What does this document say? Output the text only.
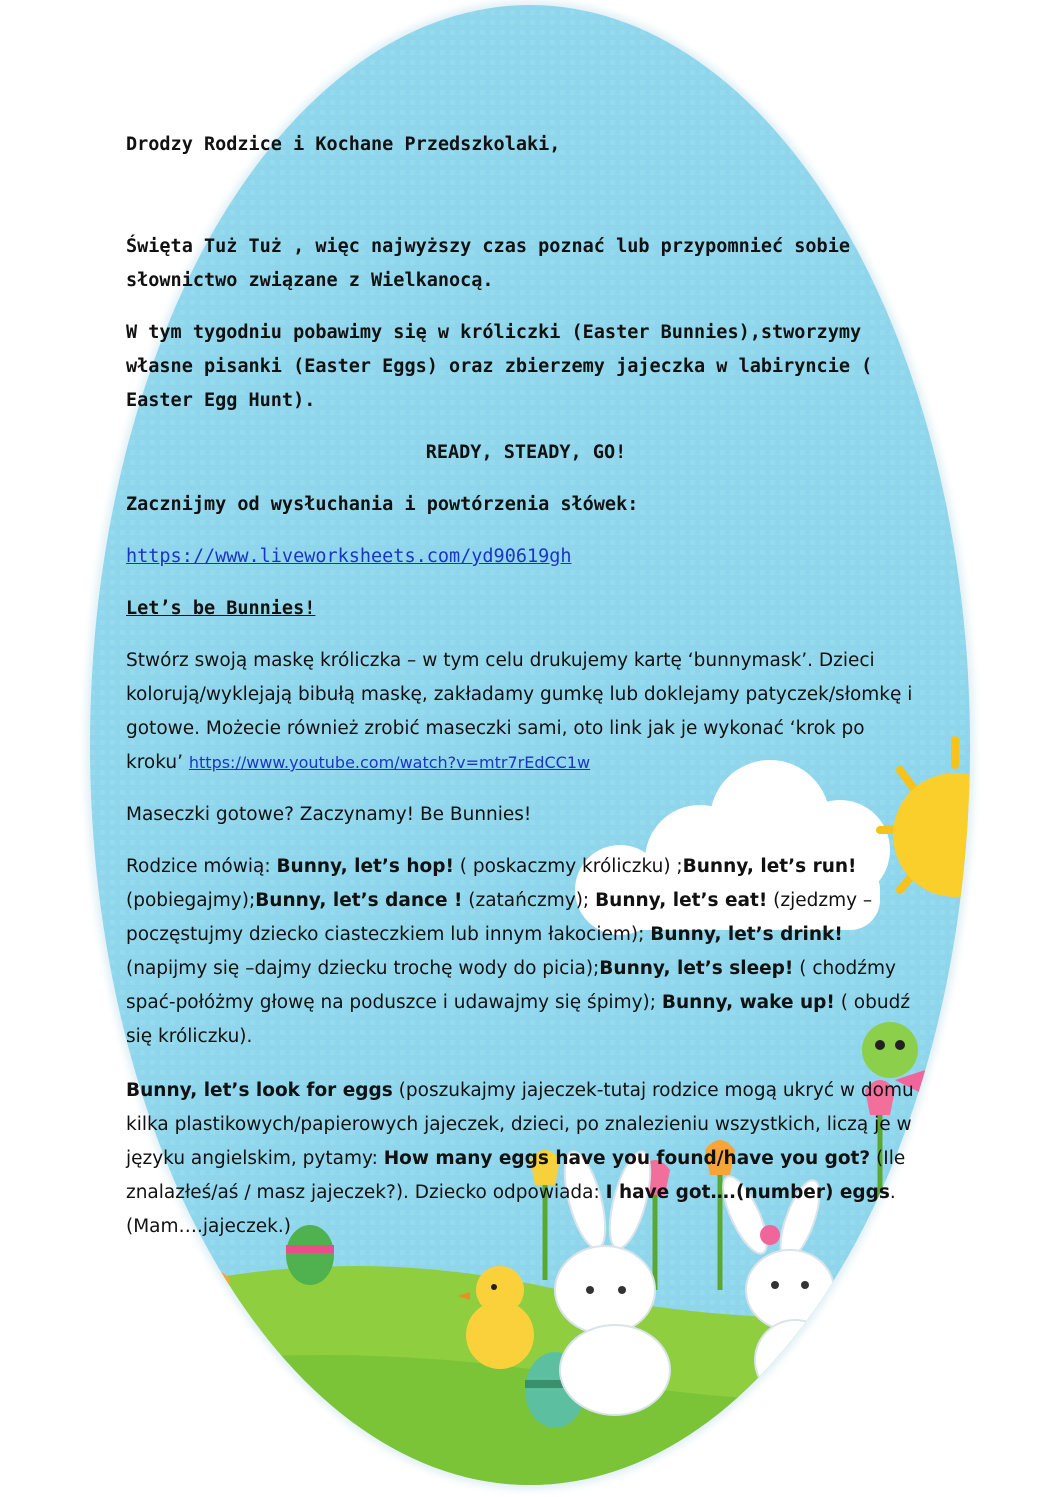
Drodzy Rodzice i Kochane Przedszkolaki,

Święta Tuż Tuż , więc najwyższy czas poznać lub przypomnieć sobie słownictwo związane z Wielkanocą.

W tym tygodniu pobawimy się w króliczki (Easter Bunnies),stworzymy własne pisanki (Easter Eggs) oraz zbierzemy jajeczka w labiryncie ( Easter Egg Hunt).

READY, STEADY, GO!

Zacznijmy od wysłuchania i powtórzenia słówek:

https://www.liveworksheets.com/yd90619gh

Let’s be Bunnies!

Stwórz swoją maskę króliczka – w tym celu drukujemy kartę ‘bunnymask’. Dzieci kolorują/wyklejają bibułą maskę, zakładamy gumkę lub doklejamy patyczek/słomkę i gotowe. Możecie również zrobić maseczki sami, oto link jak je wykonać ‘krok po kroku’ https://www.youtube.com/watch?v=mtr7rEdCC1w

Maseczki gotowe? Zaczynamy! Be Bunnies!

Rodzice mówią: Bunny, let’s hop! ( poskaczmy króliczku) ;Bunny, let’s run!(pobiegajmy);Bunny, let’s dance ! (zatańczmy); Bunny, let’s eat! (zjedzmy – poczęstujmy dziecko ciasteczkiem lub innym łakociem); Bunny, let’s drink! (napijmy się –dajmy dziecku trochę wody do picia);Bunny, let’s sleep! ( chodźmy spać-połóżmy głowę na poduszce i udawajmy się śpimy); Bunny, wake up! ( obudź się króliczku).

Bunny, let’s look for eggs (poszukajmy jajeczek-tutaj rodzice mogą ukryć w domu kilka plastikowych/papierowych jajeczek, dzieci, po znalezieniu wszystkich, liczą je w języku angielskim, pytamy: How many eggs have you found/have you got? (Ile znalazłeś/aś / masz jajeczek?). Dziecko odpowiada: I have got….(number) eggs. (Mam….jajeczek.)
